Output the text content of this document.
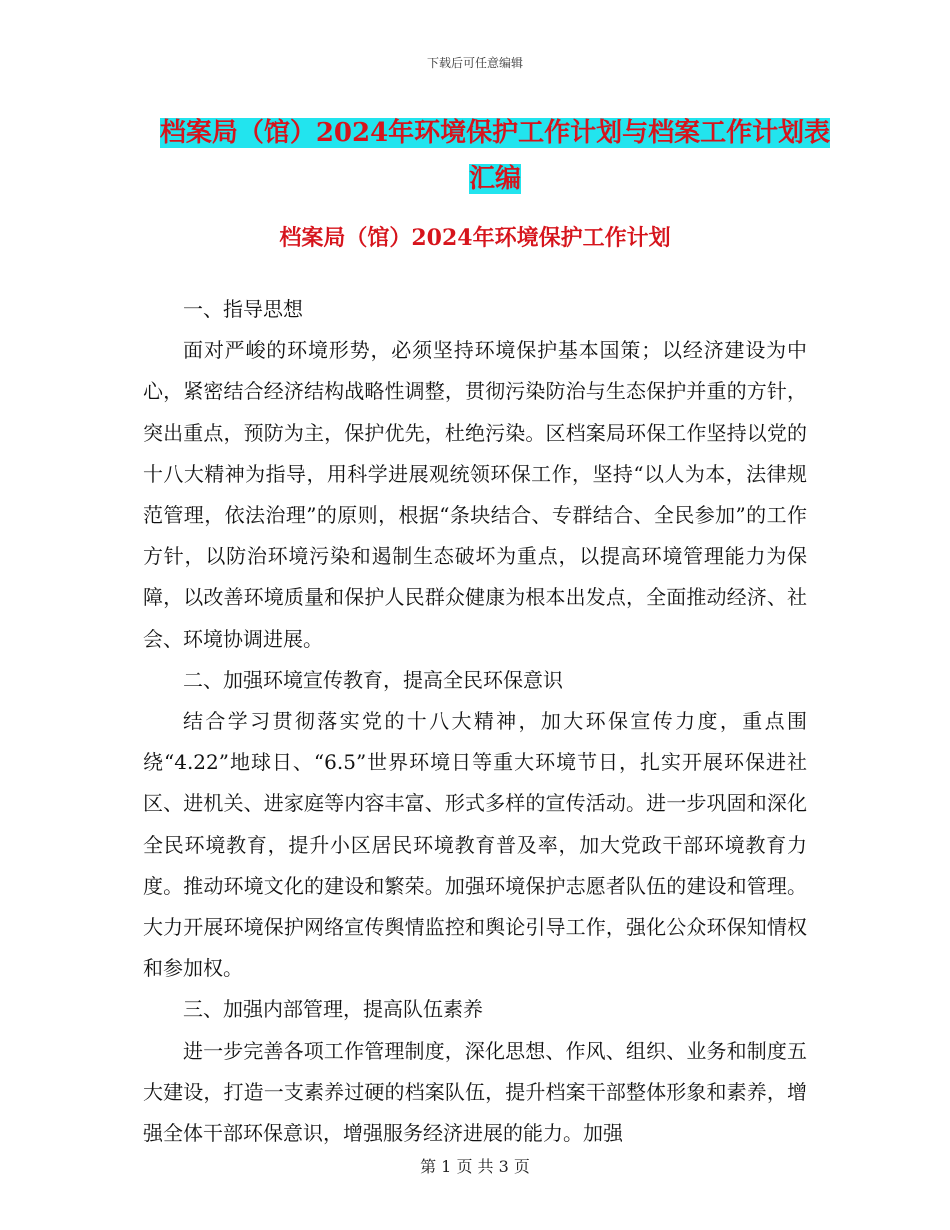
下载后可任意编辑
档案局（馆）2024年环境保护工作计划与档案工作计划表汇编
档案局（馆）2024年环境保护工作计划

一、指导思想

面对严峻的环境形势，必须坚持环境保护基本国策；以经济建设为中心，紧密结合经济结构战略性调整，贯彻污染防治与生态保护并重的方针，突出重点，预防为主，保护优先，杜绝污染。区档案局环保工作坚持以党的十八大精神为指导，用科学进展观统领环保工作，坚持“以人为本，法律规范管理，依法治理”的原则，根据“条块结合、专群结合、全民参加”的工作方针，以防治环境污染和遏制生态破坏为重点，以提高环境管理能力为保障，以改善环境质量和保护人民群众健康为根本出发点，全面推动经济、社会、环境协调进展。

二、加强环境宣传教育，提高全民环保意识

结合学习贯彻落实党的十八大精神，加大环保宣传力度，重点围绕“4.22”地球日、“6.5”世界环境日等重大环境节日，扎实开展环保进社区、进机关、进家庭等内容丰富、形式多样的宣传活动。进一步巩固和深化全民环境教育，提升小区居民环境教育普及率，加大党政干部环境教育力度。推动环境文化的建设和繁荣。加强环境保护志愿者队伍的建设和管理。大力开展环境保护网络宣传舆情监控和舆论引导工作，强化公众环保知情权和参加权。

三、加强内部管理，提高队伍素养

进一步完善各项工作管理制度，深化思想、作风、组织、业务和制度五大建设，打造一支素养过硬的档案队伍，提升档案干部整体形象和素养，增强全体干部环保意识，增强服务经济进展的能力。加强

第 1 页 共 3 页
